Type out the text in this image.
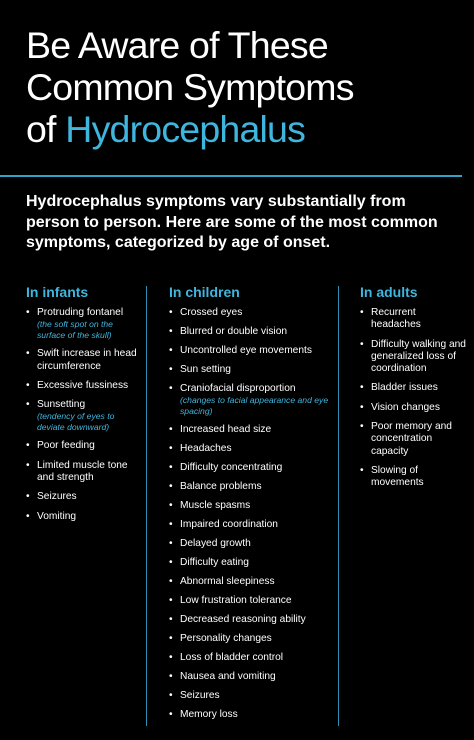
Be Aware of These
Common Symptoms
of Hydrocephalus
Hydrocephalus symptoms vary substantially from person to person. Here are some of the most common symptoms, categorized by age of onset.
In infants
• Protruding fontanel
(the soft spot on the surface of the skull)
• Swift increase in head circumference
• Excessive fussiness
• Sunsetting
(tendency of eyes to deviate downward)
• Poor feeding
• Limited muscle tone and strength
• Seizures
• Vomiting
In children
• Crossed eyes
• Blurred or double vision
• Uncontrolled eye movements
• Sun setting
• Craniofacial disproportion
(changes to facial appearance and eye spacing)
• Increased head size
• Headaches
• Difficulty concentrating
• Balance problems
• Muscle spasms
• Impaired coordination
• Delayed growth
• Difficulty eating
• Abnormal sleepiness
• Low frustration tolerance
• Decreased reasoning ability
• Personality changes
• Loss of bladder control
• Nausea and vomiting
• Seizures
• Memory loss
In adults
• Recurrent headaches
• Difficulty walking and generalized loss of coordination
• Bladder issues
• Vision changes
• Poor memory and concentration capacity
• Slowing of movements
